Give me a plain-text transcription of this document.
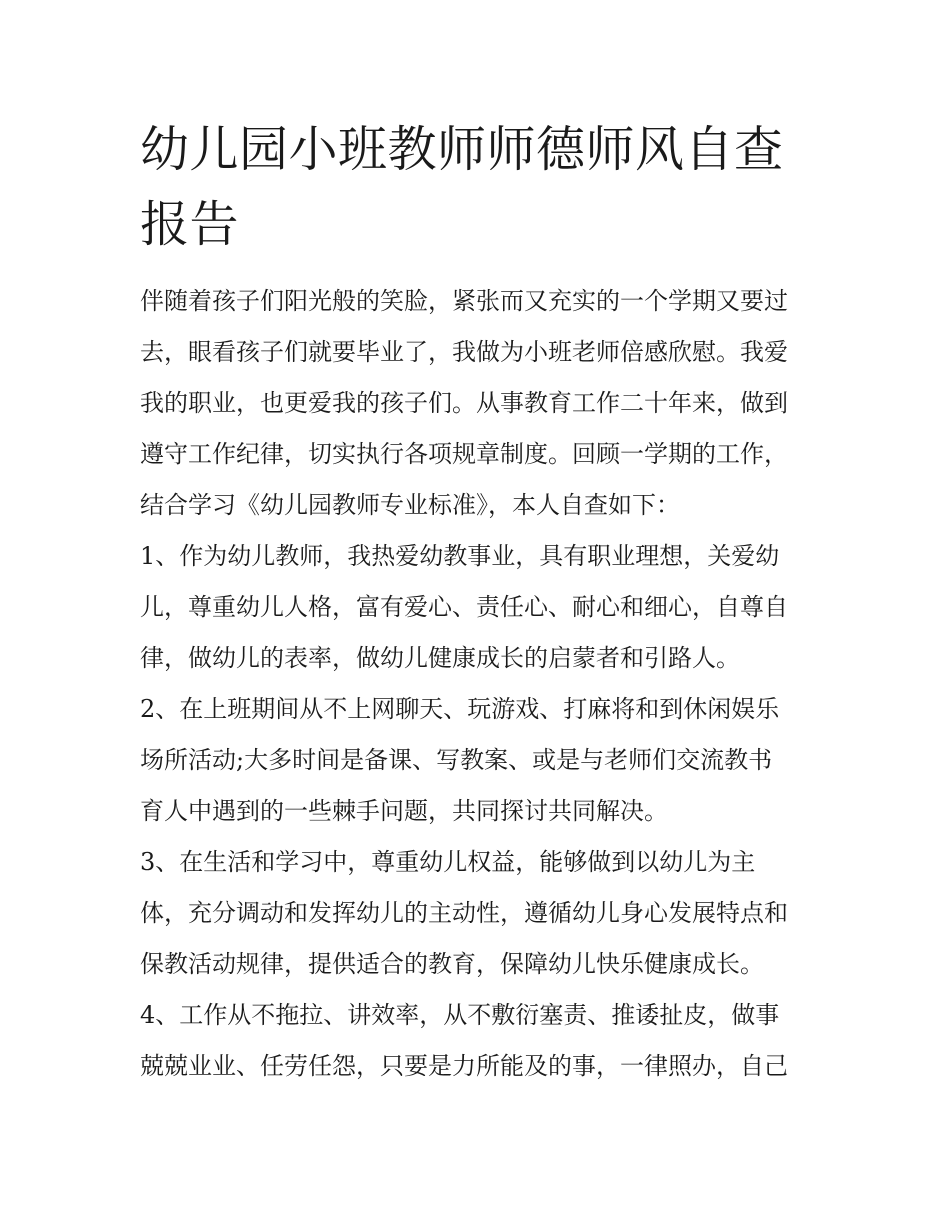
幼儿园小班教师师德师风自查
报告
伴随着孩子们阳光般的笑脸，紧张而又充实的一个学期又要过
去，眼看孩子们就要毕业了，我做为小班老师倍感欣慰。我爱
我的职业，也更爱我的孩子们。从事教育工作二十年来，做到
遵守工作纪律，切实执行各项规章制度。回顾一学期的工作，
结合学习《幼儿园教师专业标准》，本人自查如下：
1、作为幼儿教师，我热爱幼教事业，具有职业理想，关爱幼
儿，尊重幼儿人格，富有爱心、责任心、耐心和细心，自尊自
律，做幼儿的表率，做幼儿健康成长的启蒙者和引路人。
2、在上班期间从不上网聊天、玩游戏、打麻将和到休闲娱乐
场所活动;大多时间是备课、写教案、或是与老师们交流教书
育人中遇到的一些棘手问题，共同探讨共同解决。
3、在生活和学习中，尊重幼儿权益，能够做到以幼儿为主
体，充分调动和发挥幼儿的主动性，遵循幼儿身心发展特点和
保教活动规律，提供适合的教育，保障幼儿快乐健康成长。
4、工作从不拖拉、讲效率，从不敷衍塞责、推诿扯皮，做事
兢兢业业、任劳任怨，只要是力所能及的事，一律照办，自己
